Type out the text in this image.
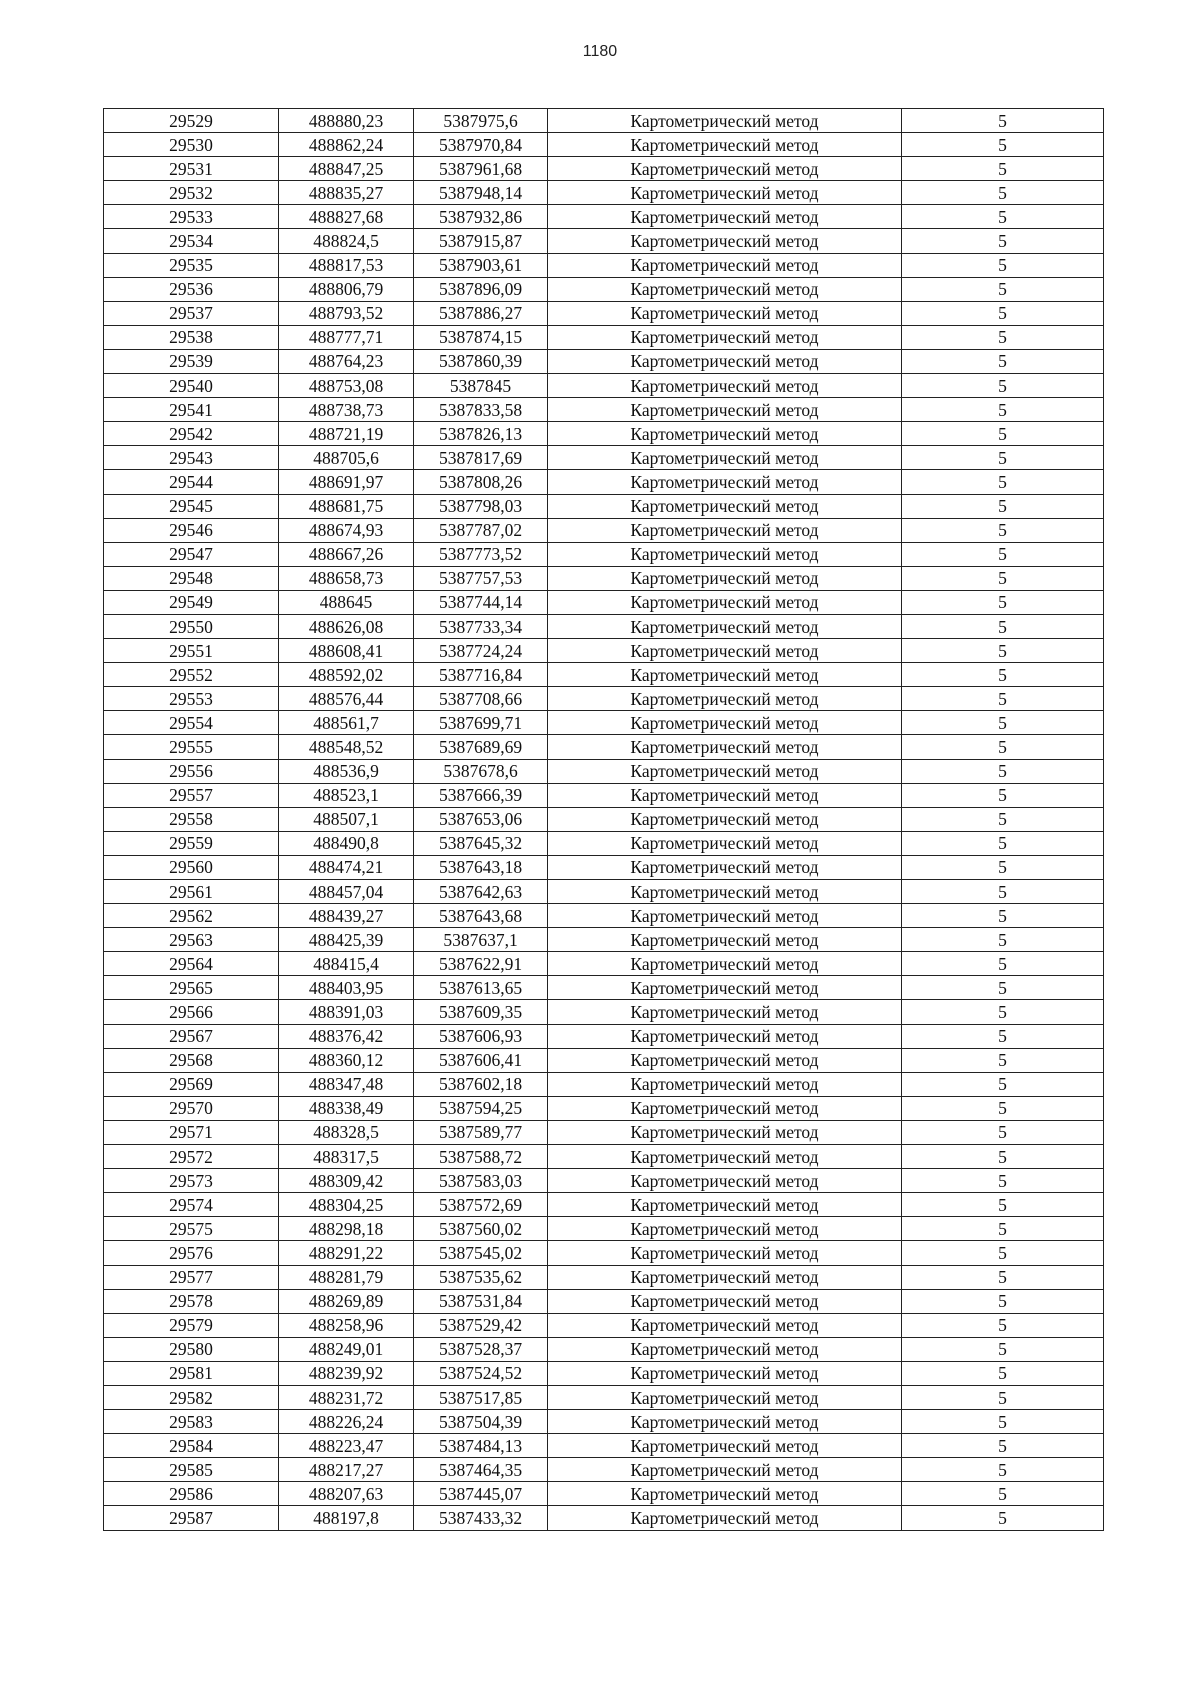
1180
29529	488880,23	5387975,6	Картометрический метод	5
29530	488862,24	5387970,84	Картометрический метод	5
29531	488847,25	5387961,68	Картометрический метод	5
29532	488835,27	5387948,14	Картометрический метод	5
29533	488827,68	5387932,86	Картометрический метод	5
29534	488824,5	5387915,87	Картометрический метод	5
29535	488817,53	5387903,61	Картометрический метод	5
29536	488806,79	5387896,09	Картометрический метод	5
29537	488793,52	5387886,27	Картометрический метод	5
29538	488777,71	5387874,15	Картометрический метод	5
29539	488764,23	5387860,39	Картометрический метод	5
29540	488753,08	5387845	Картометрический метод	5
29541	488738,73	5387833,58	Картометрический метод	5
29542	488721,19	5387826,13	Картометрический метод	5
29543	488705,6	5387817,69	Картометрический метод	5
29544	488691,97	5387808,26	Картометрический метод	5
29545	488681,75	5387798,03	Картометрический метод	5
29546	488674,93	5387787,02	Картометрический метод	5
29547	488667,26	5387773,52	Картометрический метод	5
29548	488658,73	5387757,53	Картометрический метод	5
29549	488645	5387744,14	Картометрический метод	5
29550	488626,08	5387733,34	Картометрический метод	5
29551	488608,41	5387724,24	Картометрический метод	5
29552	488592,02	5387716,84	Картометрический метод	5
29553	488576,44	5387708,66	Картометрический метод	5
29554	488561,7	5387699,71	Картометрический метод	5
29555	488548,52	5387689,69	Картометрический метод	5
29556	488536,9	5387678,6	Картометрический метод	5
29557	488523,1	5387666,39	Картометрический метод	5
29558	488507,1	5387653,06	Картометрический метод	5
29559	488490,8	5387645,32	Картометрический метод	5
29560	488474,21	5387643,18	Картометрический метод	5
29561	488457,04	5387642,63	Картометрический метод	5
29562	488439,27	5387643,68	Картометрический метод	5
29563	488425,39	5387637,1	Картометрический метод	5
29564	488415,4	5387622,91	Картометрический метод	5
29565	488403,95	5387613,65	Картометрический метод	5
29566	488391,03	5387609,35	Картометрический метод	5
29567	488376,42	5387606,93	Картометрический метод	5
29568	488360,12	5387606,41	Картометрический метод	5
29569	488347,48	5387602,18	Картометрический метод	5
29570	488338,49	5387594,25	Картометрический метод	5
29571	488328,5	5387589,77	Картометрический метод	5
29572	488317,5	5387588,72	Картометрический метод	5
29573	488309,42	5387583,03	Картометрический метод	5
29574	488304,25	5387572,69	Картометрический метод	5
29575	488298,18	5387560,02	Картометрический метод	5
29576	488291,22	5387545,02	Картометрический метод	5
29577	488281,79	5387535,62	Картометрический метод	5
29578	488269,89	5387531,84	Картометрический метод	5
29579	488258,96	5387529,42	Картометрический метод	5
29580	488249,01	5387528,37	Картометрический метод	5
29581	488239,92	5387524,52	Картометрический метод	5
29582	488231,72	5387517,85	Картометрический метод	5
29583	488226,24	5387504,39	Картометрический метод	5
29584	488223,47	5387484,13	Картометрический метод	5
29585	488217,27	5387464,35	Картометрический метод	5
29586	488207,63	5387445,07	Картометрический метод	5
29587	488197,8	5387433,32	Картометрический метод	5
